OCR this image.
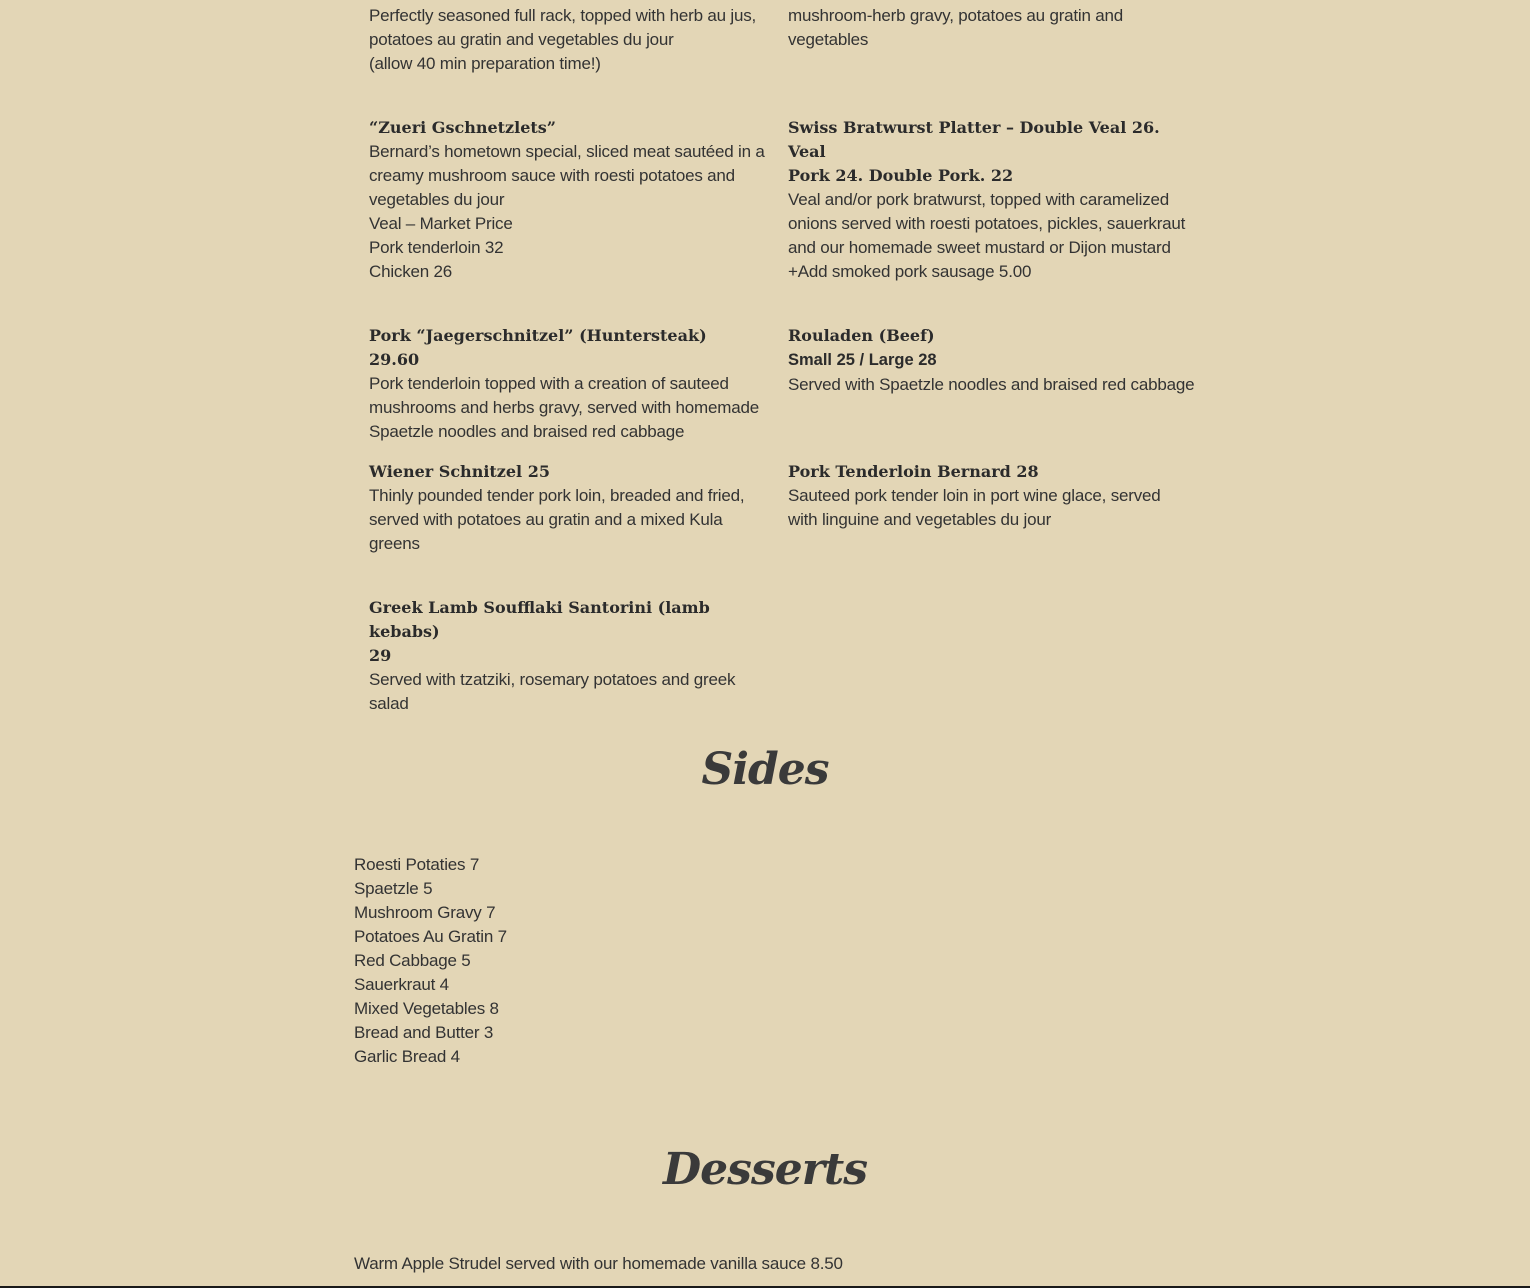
Perfectly seasoned full rack, topped with herb au jus,

potatoes au gratin and vegetables du jour

(allow 40 min preparation time!)

mushroom-herb gravy, potatoes au gratin and

vegetables

“Zueri Gschnetzlets”

Bernard’s hometown special, sliced meat sautéed in a

creamy mushroom sauce with roesti potatoes and

vegetables du jour

Veal – Market Price

Pork tenderloin 32

Chicken 26

Swiss Bratwurst Platter – Double Veal 26. Veal

Pork 24. Double Pork. 22

Veal and/or pork bratwurst, topped with caramelized

onions served with roesti potatoes, pickles, sauerkraut

and our homemade sweet mustard or Dijon mustard

+Add smoked pork sausage 5.00

Pork “Jaegerschnitzel” (Huntersteak) 29.60

Pork tenderloin topped with a creation of sauteed

mushrooms and herbs gravy, served with homemade

Spaetzle noodles and braised red cabbage

Rouladen (Beef)

Small 25 / Large 28

Served with Spaetzle noodles and braised red cabbage

Wiener Schnitzel 25

Thinly pounded tender pork loin, breaded and fried,

served with potatoes au gratin and a mixed Kula

greens

Pork Tenderloin Bernard 28

Sauteed pork tender loin in port wine glace, served

with linguine and vegetables du jour

Greek Lamb Soufflaki Santorini (lamb kebabs)

29

Served with tzatziki, rosemary potatoes and greek

salad

Sides

Roesti Potaties 7

Spaetzle 5

Mushroom Gravy 7

Potatoes Au Gratin 7

Red Cabbage 5

Sauerkraut 4

Mixed Vegetables 8

Bread and Butter 3

Garlic Bread 4

Desserts

Warm Apple Strudel served with our homemade vanilla sauce 8.50
